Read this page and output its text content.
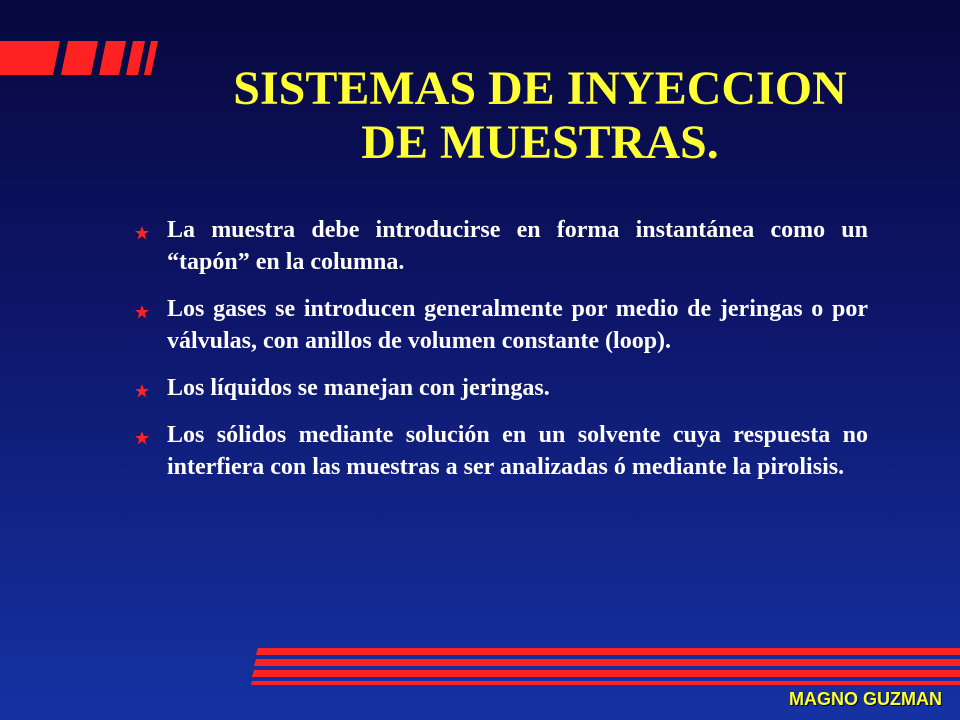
SISTEMAS DE INYECCION
DE MUESTRAS.
La muestra debe introducirse en forma instantánea como un “tapón” en la columna.
Los gases se introducen generalmente por medio de jeringas o por válvulas, con anillos de volumen constante (loop).
Los líquidos se manejan con jeringas.
Los sólidos mediante solución en un solvente cuya respuesta no interfiera con las muestras a ser analizadas ó mediante la pirolisis.
MAGNO GUZMAN
